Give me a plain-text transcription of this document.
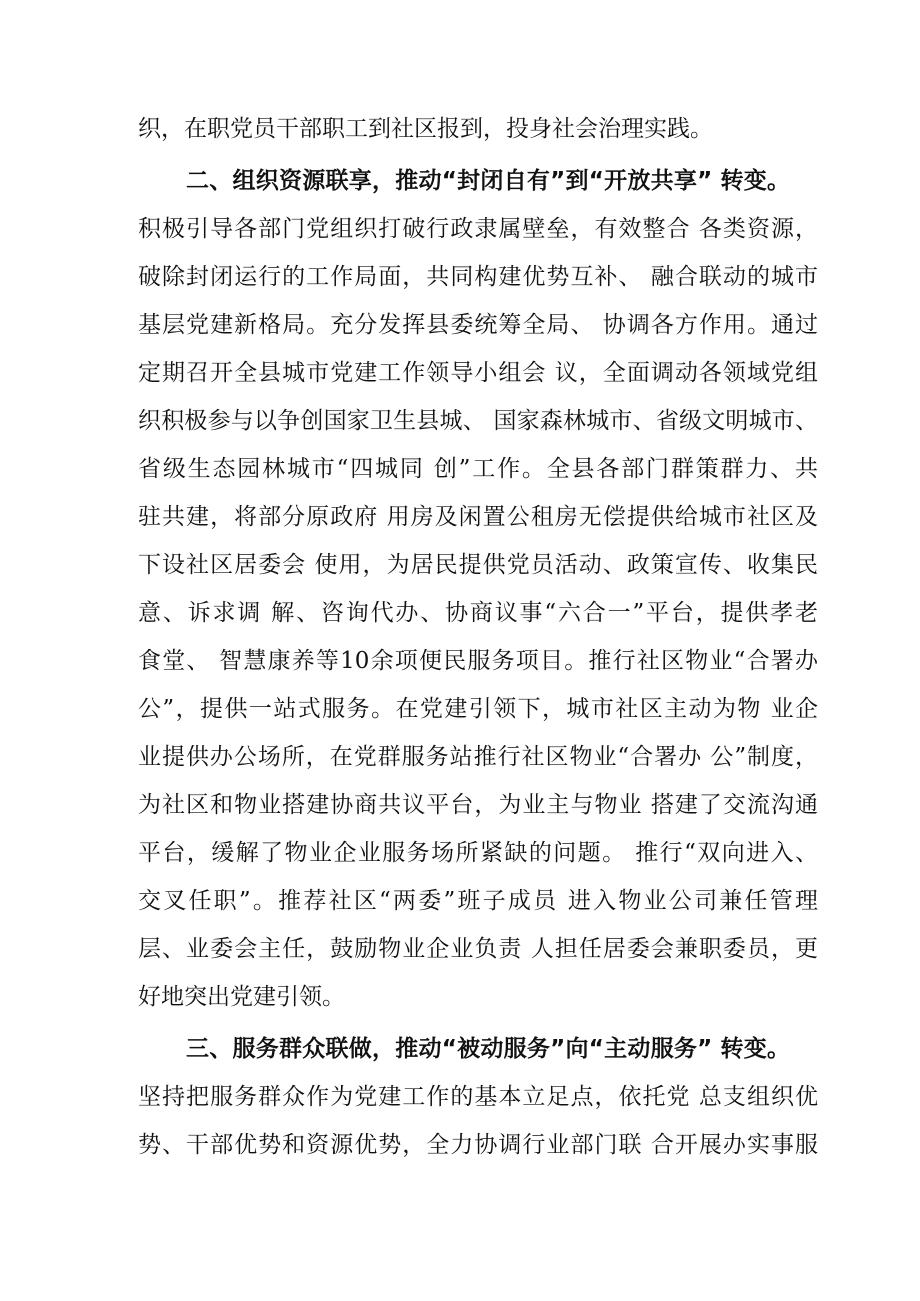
织，在职党员干部职工到社区报到，投身社会治理实践。
二、组织资源联享，推动“封闭自有”到“开放共享” 转变。
积极引导各部门党组织打破行政隶属壁垒，有效整合 各类资源，
破除封闭运行的工作局面，共同构建优势互补、 融合联动的城市
基层党建新格局。充分发挥县委统筹全局、 协调各方作用。通过
定期召开全县城市党建工作领导小组会 议，全面调动各领域党组
织积极参与以争创国家卫生县城、 国家森林城市、省级文明城市、
省级生态园林城市“四城同 创”工作。全县各部门群策群力、共
驻共建，将部分原政府 用房及闲置公租房无偿提供给城市社区及
下设社区居委会 使用，为居民提供党员活动、政策宣传、收集民
意、诉求调 解、咨询代办、协商议事“六合一”平台，提供孝老
食堂、 智慧康养等10余项便民服务项目。推行社区物业“合署办
公”，提供一站式服务。在党建引领下，城市社区主动为物 业企
业提供办公场所，在党群服务站推行社区物业“合署办 公”制度，
为社区和物业搭建协商共议平台，为业主与物业 搭建了交流沟通
平台，缓解了物业企业服务场所紧缺的问题。 推行“双向进入、
交叉任职”。推荐社区“两委”班子成员 进入物业公司兼任管理
层、业委会主任，鼓励物业企业负责 人担任居委会兼职委员，更
好地突出党建引领。
三、服务群众联做，推动“被动服务”向“主动服务” 转变。
坚持把服务群众作为党建工作的基本立足点，依托党 总支组织优
势、干部优势和资源优势，全力协调行业部门联 合开展办实事服
